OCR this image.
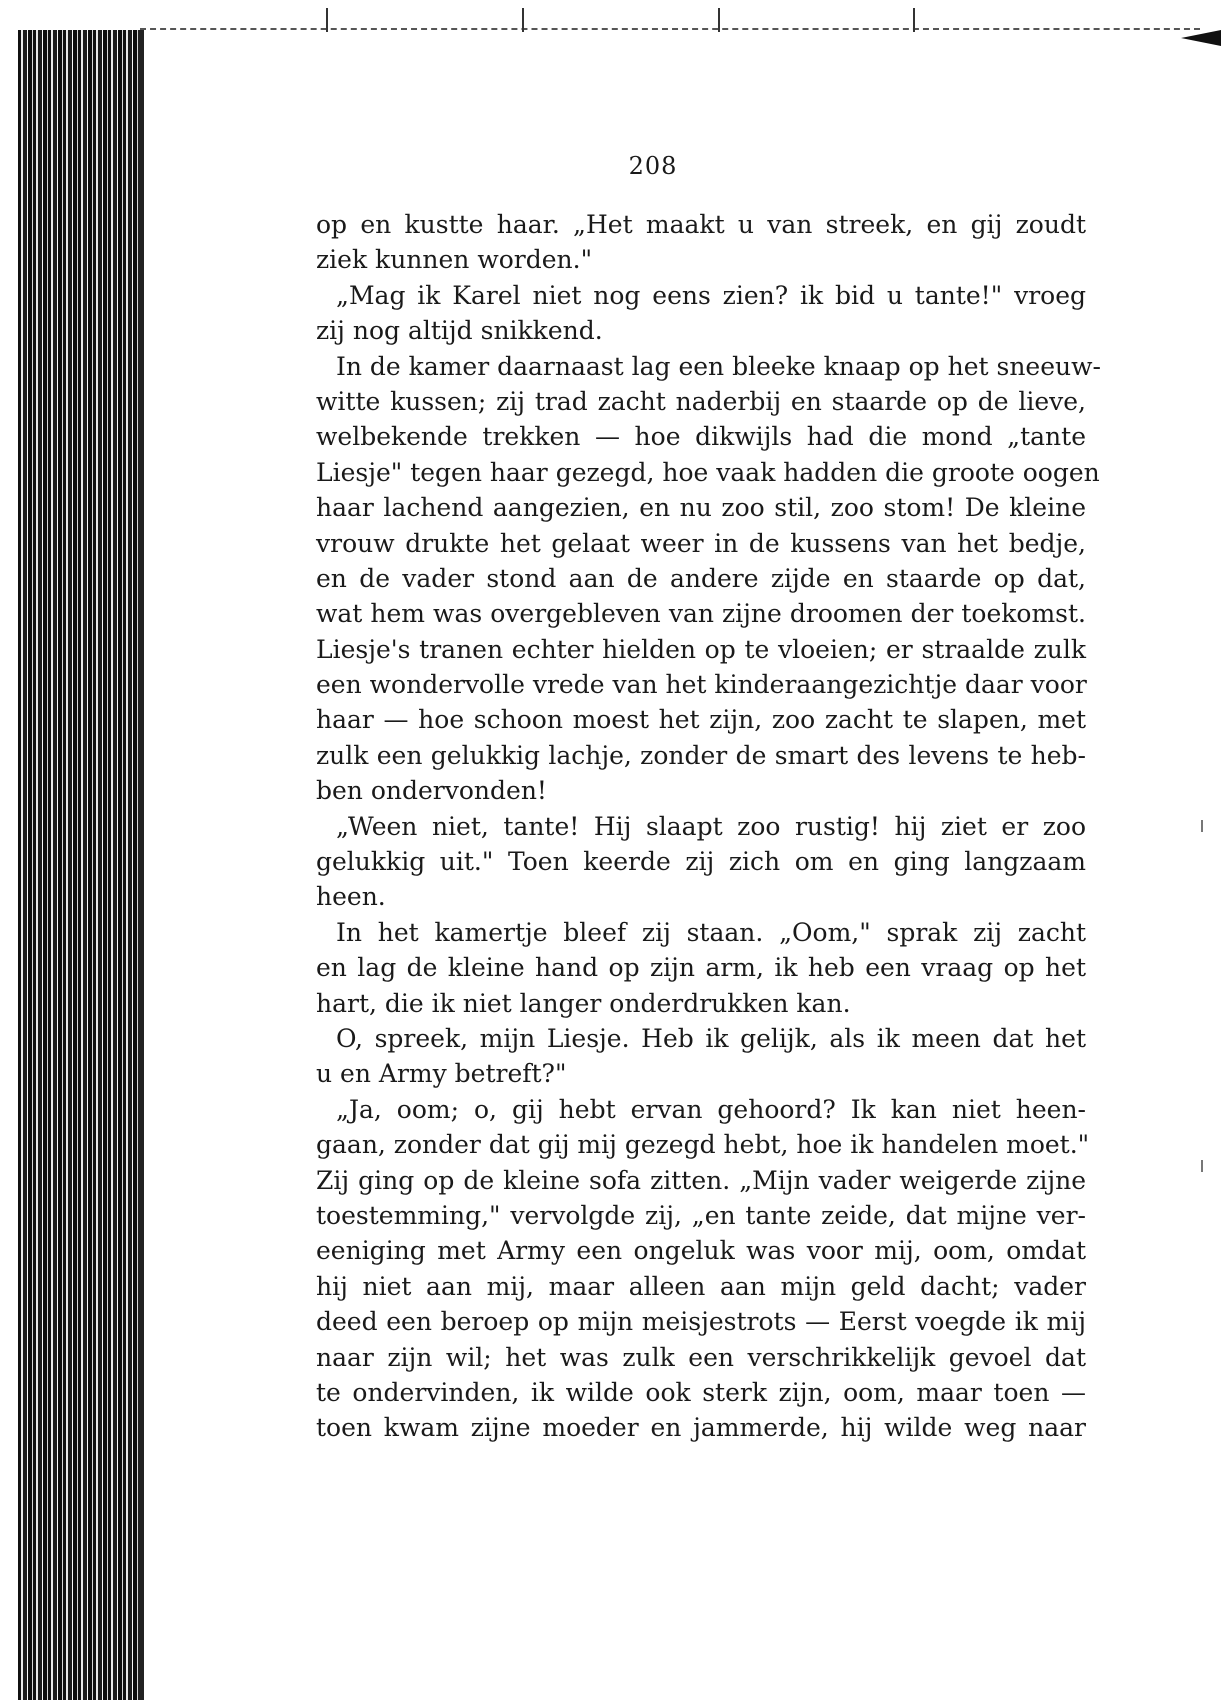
208
op en kustte haar. „Het maakt u van streek, en gij zoudt
ziek kunnen worden."
„Mag ik Karel niet nog eens zien? ik bid u tante!" vroeg
zij nog altijd snikkend.
In de kamer daarnaast lag een bleeke knaap op het sneeuw-
witte kussen; zij trad zacht naderbij en staarde op de lieve,
welbekende trekken — hoe dikwijls had die mond „tante
Liesje" tegen haar gezegd, hoe vaak hadden die groote oogen
haar lachend aangezien, en nu zoo stil, zoo stom! De kleine
vrouw drukte het gelaat weer in de kussens van het bedje,
en de vader stond aan de andere zijde en staarde op dat,
wat hem was overgebleven van zijne droomen der toekomst.
Liesje's tranen echter hielden op te vloeien; er straalde zulk
een wondervolle vrede van het kinderaangezichtje daar voor
haar — hoe schoon moest het zijn, zoo zacht te slapen, met
zulk een gelukkig lachje, zonder de smart des levens te heb-
ben ondervonden!
„Ween niet, tante! Hij slaapt zoo rustig! hij ziet er zoo
gelukkig uit." Toen keerde zij zich om en ging langzaam
heen.
In het kamertje bleef zij staan. „Oom," sprak zij zacht
en lag de kleine hand op zijn arm, ik heb een vraag op het
hart, die ik niet langer onderdrukken kan.
O, spreek, mijn Liesje. Heb ik gelijk, als ik meen dat het
u en Army betreft?"
„Ja, oom; o, gij hebt ervan gehoord? Ik kan niet heen-
gaan, zonder dat gij mij gezegd hebt, hoe ik handelen moet."
Zij ging op de kleine sofa zitten. „Mijn vader weigerde zijne
toestemming," vervolgde zij, „en tante zeide, dat mijne ver-
eeniging met Army een ongeluk was voor mij, oom, omdat
hij niet aan mij, maar alleen aan mijn geld dacht; vader
deed een beroep op mijn meisjestrots — Eerst voegde ik mij
naar zijn wil; het was zulk een verschrikkelijk gevoel dat
te ondervinden, ik wilde ook sterk zijn, oom, maar toen —
toen kwam zijne moeder en jammerde, hij wilde weg naar
